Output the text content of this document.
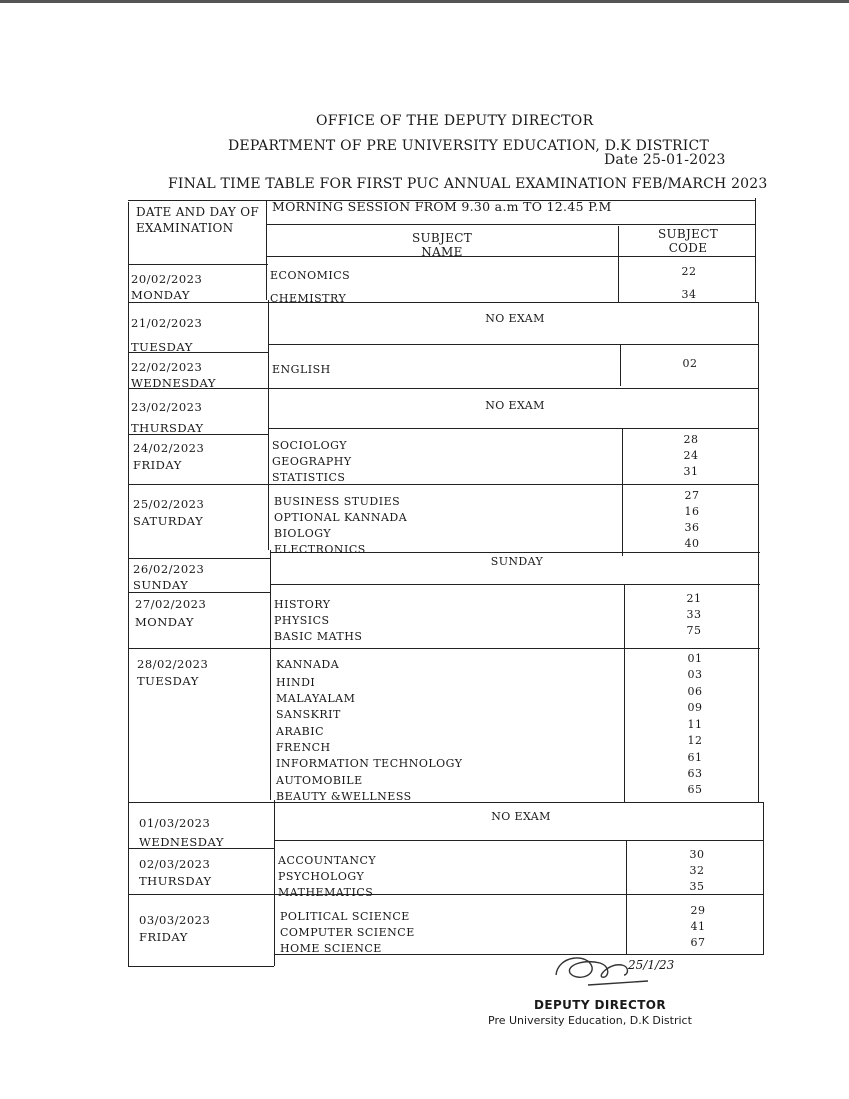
OFFICE OF THE DEPUTY DIRECTOR
DEPARTMENT OF PRE UNIVERSITY EDUCATION, D.K DISTRICT
Date 25-01-2023
FINAL TIME TABLE FOR FIRST PUC ANNUAL EXAMINATION FEB/MARCH 2023
DATE AND DAY OF EXAMINATION
MORNING SESSION FROM 9.30 a.m TO 12.45 P.M
SUBJECT NAME
SUBJECT CODE
20/02/2023
MONDAY
ECONOMICS
CHEMISTRY
22
34
21/02/2023
TUESDAY
NO EXAM
22/02/2023
WEDNESDAY
ENGLISH	02
23/02/2023
THURSDAY
NO EXAM
24/02/2023
FRIDAY
SOCIOLOGY
GEOGRAPHY
STATISTICS
28
24
31
25/02/2023
SATURDAY
BUSINESS STUDIES
OPTIONAL KANNADA
BIOLOGY
ELECTRONICS
27
16
36
40
26/02/2023
SUNDAY
SUNDAY
27/02/2023
MONDAY
HISTORY
PHYSICS
BASIC MATHS
21
33
75
28/02/2023
TUESDAY
KANNADA
HINDI
MALAYALAM
SANSKRIT
ARABIC
FRENCH
INFORMATION TECHNOLOGY
AUTOMOBILE
BEAUTY &WELLNESS
01
03
06
09
11
12
61
63
65
01/03/2023
WEDNESDAY
NO EXAM
02/03/2023
THURSDAY
ACCOUNTANCY
PSYCHOLOGY
MATHEMATICS
30
32
35
03/03/2023
FRIDAY
POLITICAL SCIENCE
COMPUTER SCIENCE
HOME SCIENCE
29
41
67
25/1/23
DEPUTY DIRECTOR
Pre University Education, D.K District
